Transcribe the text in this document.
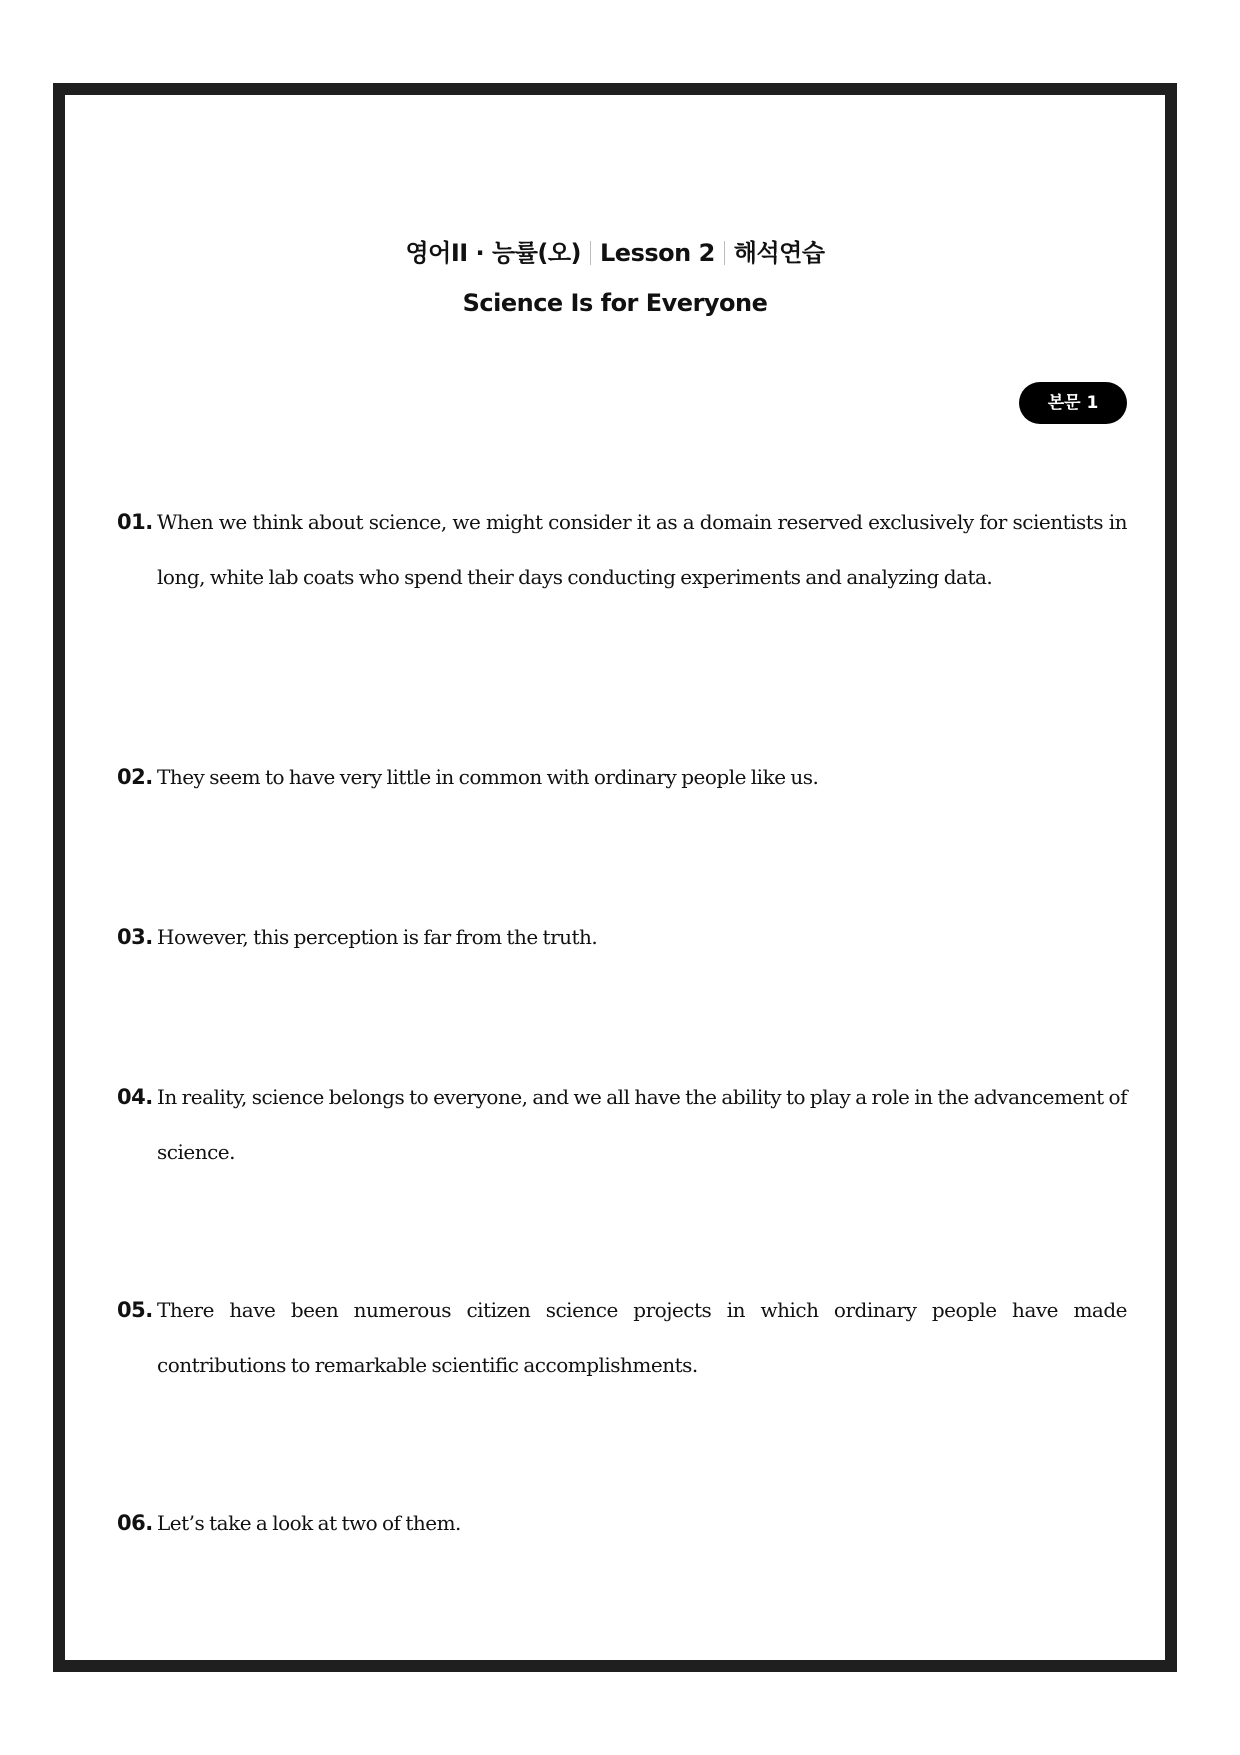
영어II · 능률(오) Lesson 2 해석연습
Science Is for Everyone
본문 1
01. When we think about science, we might consider it as a domain reserved exclusively for scientists in long, white lab coats who spend their days conducting experiments and analyzing data.
02. They seem to have very little in common with ordinary people like us.
03. However, this perception is far from the truth.
04. In reality, science belongs to everyone, and we all have the ability to play a role in the advancement of science.
05. There have been numerous citizen science projects in which ordinary people have made contributions to remarkable scientific accomplishments.
06. Let’s take a look at two of them.
